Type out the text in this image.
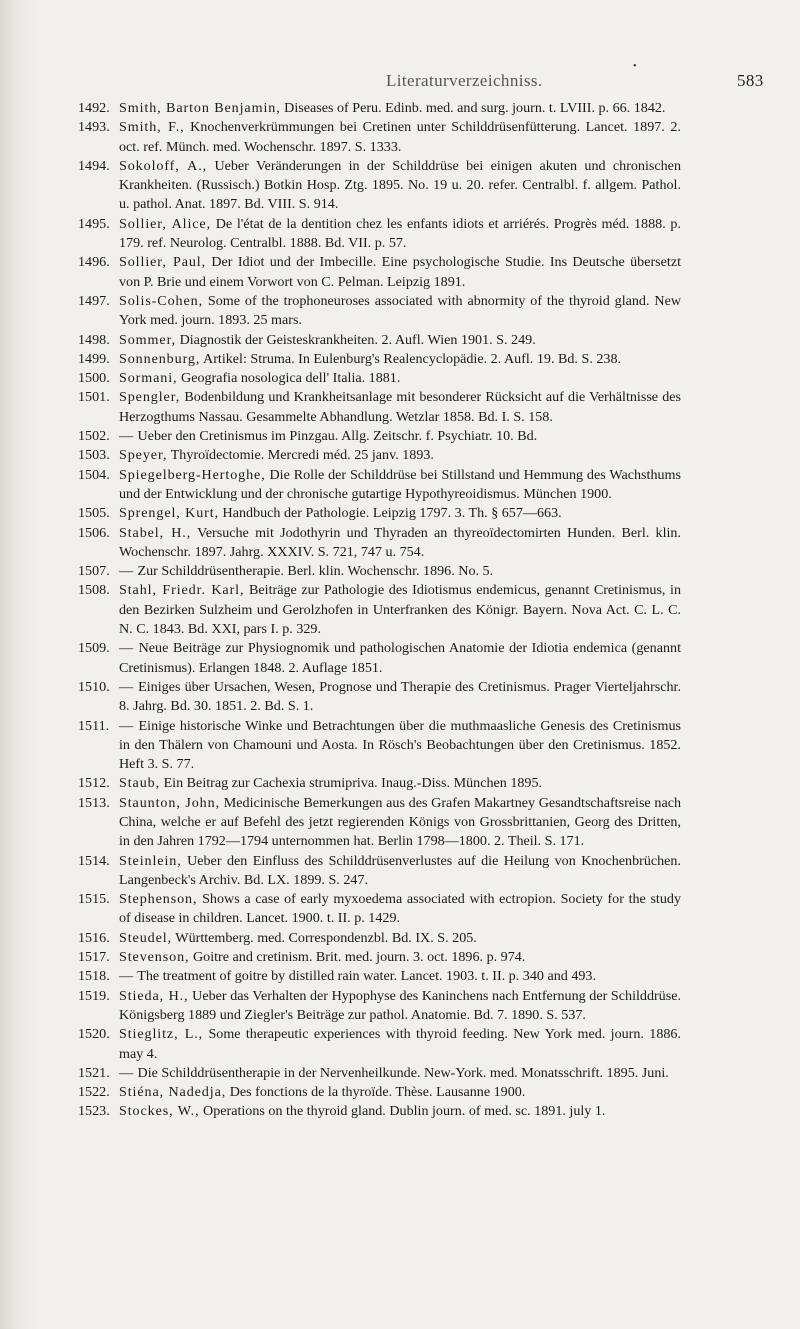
•
Literaturverzeichniss.	583
1492. Smith, Barton Benjamin, Diseases of Peru. Edinb. med. and surg. journ. t. LVIII. p. 66. 1842.
1493. Smith, F., Knochenverkrümmungen bei Cretinen unter Schilddrüsenfütterung. Lancet. 1897. 2. oct. ref. Münch. med. Wochenschr. 1897. S. 1333.
1494. Sokoloff, A., Ueber Veränderungen in der Schilddrüse bei einigen akuten und chronischen Krankheiten. (Russisch.) Botkin Hosp. Ztg. 1895. No. 19 u. 20. refer. Centralbl. f. allgem. Pathol. u. pathol. Anat. 1897. Bd. VIII. S. 914.
1495. Sollier, Alice, De l'état de la dentition chez les enfants idiots et arriérés. Progrès méd. 1888. p. 179. ref. Neurolog. Centralbl. 1888. Bd. VII. p. 57.
1496. Sollier, Paul, Der Idiot und der Imbecille. Eine psychologische Studie. Ins Deutsche übersetzt von P. Brie und einem Vorwort von C. Pelman. Leipzig 1891.
1497. Solis-Cohen, Some of the trophoneuroses associated with abnormity of the thyroid gland. New York med. journ. 1893. 25 mars.
1498. Sommer, Diagnostik der Geisteskrankheiten. 2. Aufl. Wien 1901. S. 249.
1499. Sonnenburg, Artikel: Struma. In Eulenburg's Realencyclopädie. 2. Aufl. 19. Bd. S. 238.
1500. Sormani, Geografia nosologica dell' Italia. 1881.
1501. Spengler, Bodenbildung und Krankheitsanlage mit besonderer Rücksicht auf die Verhältnisse des Herzogthums Nassau. Gesammelte Abhandlung. Wetzlar 1858. Bd. I. S. 158.
1502. — Ueber den Cretinismus im Pinzgau. Allg. Zeitschr. f. Psychiatr. 10. Bd.
1503. Speyer, Thyroïdectomie. Mercredi méd. 25 janv. 1893.
1504. Spiegelberg-Hertoghe, Die Rolle der Schilddrüse bei Stillstand und Hemmung des Wachsthums und der Entwicklung und der chronische gutartige Hypothyreoidismus. München 1900.
1505. Sprengel, Kurt, Handbuch der Pathologie. Leipzig 1797. 3. Th. § 657—663.
1506. Stabel, H., Versuche mit Jodothyrin und Thyraden an thyreoïdectomirten Hunden. Berl. klin. Wochenschr. 1897. Jahrg. XXXIV. S. 721, 747 u. 754.
1507. — Zur Schilddrüsentherapie. Berl. klin. Wochenschr. 1896. No. 5.
1508. Stahl, Friedr. Karl, Beiträge zur Pathologie des Idiotismus endemicus, genannt Cretinismus, in den Bezirken Sulzheim und Gerolzhofen in Unterfranken des Königr. Bayern. Nova Act. C. L. C. N. C. 1843. Bd. XXI, pars I. p. 329.
1509. — Neue Beiträge zur Physiognomik und pathologischen Anatomie der Idiotia endemica (genannt Cretinismus). Erlangen 1848. 2. Auflage 1851.
1510. — Einiges über Ursachen, Wesen, Prognose und Therapie des Cretinismus. Prager Vierteljahrschr. 8. Jahrg. Bd. 30. 1851. 2. Bd. S. 1.
1511. — Einige historische Winke und Betrachtungen über die muthmaasliche Genesis des Cretinismus in den Thälern von Chamouni und Aosta. In Rösch's Beobachtungen über den Cretinismus. 1852. Heft 3. S. 77.
1512. Staub, Ein Beitrag zur Cachexia strumipriva. Inaug.-Diss. München 1895.
1513. Staunton, John, Medicinische Bemerkungen aus des Grafen Makartney Gesandtschaftsreise nach China, welche er auf Befehl des jetzt regierenden Königs von Grossbrittanien, Georg des Dritten, in den Jahren 1792—1794 unternommen hat. Berlin 1798—1800. 2. Theil. S. 171.
1514. Steinlein, Ueber den Einfluss des Schilddrüsenverlustes auf die Heilung von Knochenbrüchen. Langenbeck's Archiv. Bd. LX. 1899. S. 247.
1515. Stephenson, Shows a case of early myxoedema associated with ectropion. Society for the study of disease in children. Lancet. 1900. t. II. p. 1429.
1516. Steudel, Württemberg. med. Correspondenzbl. Bd. IX. S. 205.
1517. Stevenson, Goitre and cretinism. Brit. med. journ. 3. oct. 1896. p. 974.
1518. — The treatment of goitre by distilled rain water. Lancet. 1903. t. II. p. 340 and 493.
1519. Stieda, H., Ueber das Verhalten der Hypophyse des Kaninchens nach Entfernung der Schilddrüse. Königsberg 1889 und Ziegler's Beiträge zur pathol. Anatomie. Bd. 7. 1890. S. 537.
1520. Stieglitz, L., Some therapeutic experiences with thyroid feeding. New York med. journ. 1886. may 4.
1521. — Die Schilddrüsentherapie in der Nervenheilkunde. New-York. med. Monatsschrift. 1895. Juni.
1522. Stiéna, Nadedja, Des fonctions de la thyroïde. Thèse. Lausanne 1900.
1523. Stockes, W., Operations on the thyroid gland. Dublin journ. of med. sc. 1891. july 1.
